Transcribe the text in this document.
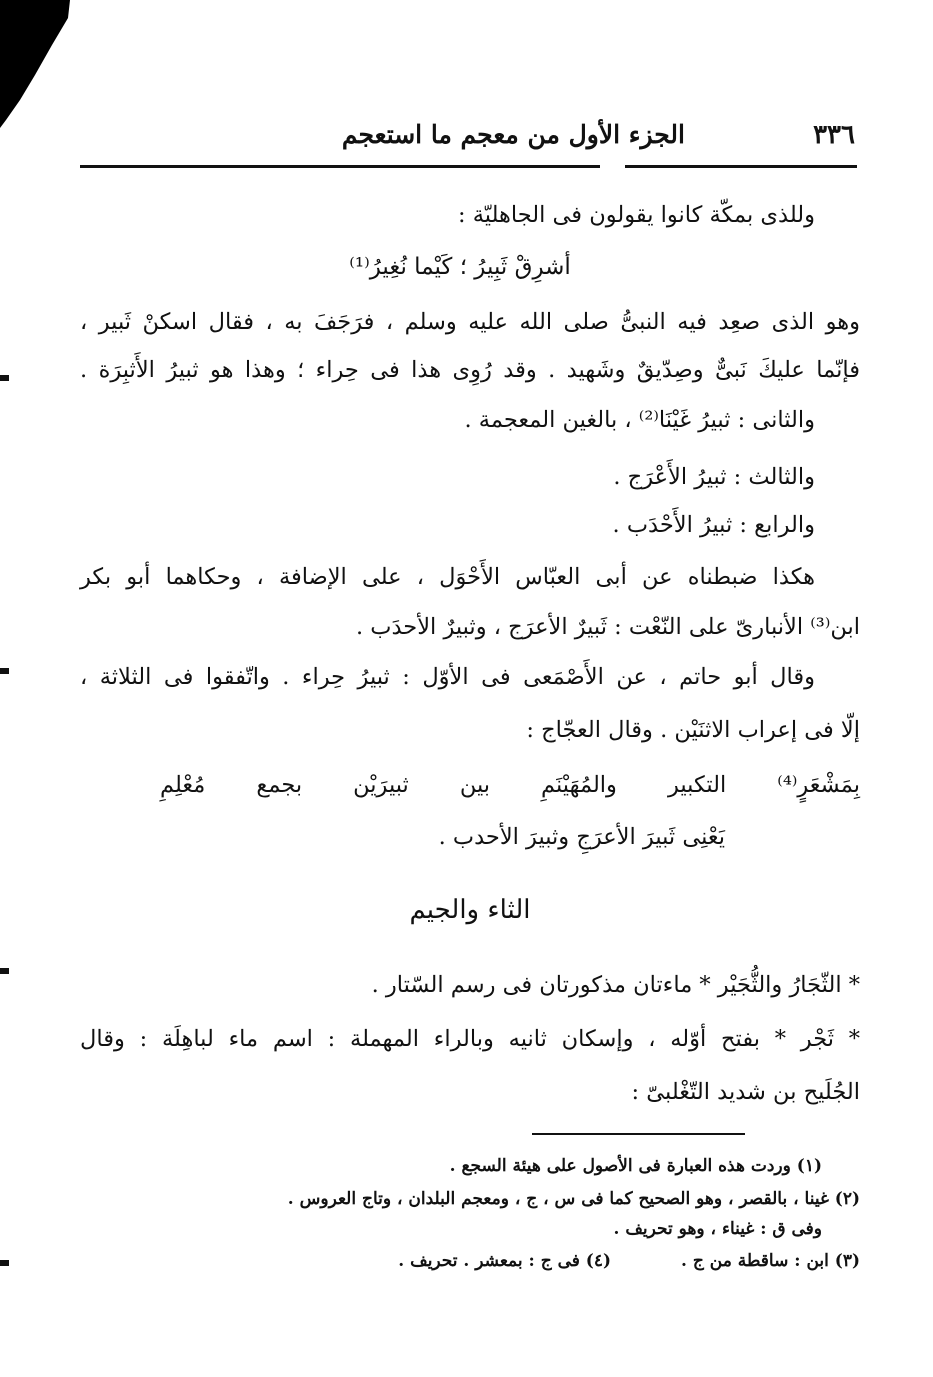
٣٣٦
الجزء الأول من معجم ما استعجم
وللذى بمكّة كانوا يقولون فى الجاهليّة :
أشرِقْ ثَبِيرُ ؛ كَيْما نُغِيرُ⁽¹⁾
وهو الذى صعِد فيه النبىُّ صلى الله عليه وسلم ، فرَجَفَ به ، فقال اسكنْ ثَبير ،
فإنّما عليكَ نَبىٌّ وصِدّيقٌ وشَهيد . وقد رُوِى هذا فى حِراء ؛ وهذا هو ثبيرُ الأَثبِرَة .
والثانى : ثبيرُ غَيْنَا⁽²⁾ ، بالغين المعجمة .
والثالث : ثبيرُ الأَعْرَج .
والرابع : ثبيرُ الأَحْدَب .
هكذا ضبطناه عن أبى العبّاس الأَحْوَل ، على الإضافة ، وحكاهما أبو بكر
ابن⁽³⁾ الأنبارىّ على النّعْت : ثَبيرٌ الأعرَج ، وثبيرٌ الأحدَب .
وقال أبو حاتم ، عن الأَصْمَعى فى الأوّل : ثبيرُ حِراء . واتّفقوا فى الثلاثة ،
إلّا فى إعراب الاثنَيْن . وقال العجّاج :
بِمَشْعَرٍ⁽⁴⁾ التكبير والمُهَيْنَمِ بين ثبيرَيْن بجمع مُعْلِمِ
يَعْنِى ثَبيرَ الأعرَجِ وثبيرَ الأحدب .
* الثّجَارُ والثُّجَيْر * ماءتان مذكورتان فى رسم السّتار .
* ثَجْر * بفتح أوّله ، وإسكان ثانيه وبالراء المهملة : اسم ماء لباهِلَة : وقال
الجُلَيح بن شديد التّغْلبىّ :
(١) وردت هذه العبارة فى الأصول على هيئة السجع .
(٢) غينا ، بالقصر ، وهو الصحيح كما فى س ، ج ، ومعجم البلدان ، وتاج العروس .
وفى ق : غيناء ، وهو تحريف .
(٣) ابن : ساقطة من ج .
(٤) فى ج : بمعشر . تحريف .
الثاء والجيم
